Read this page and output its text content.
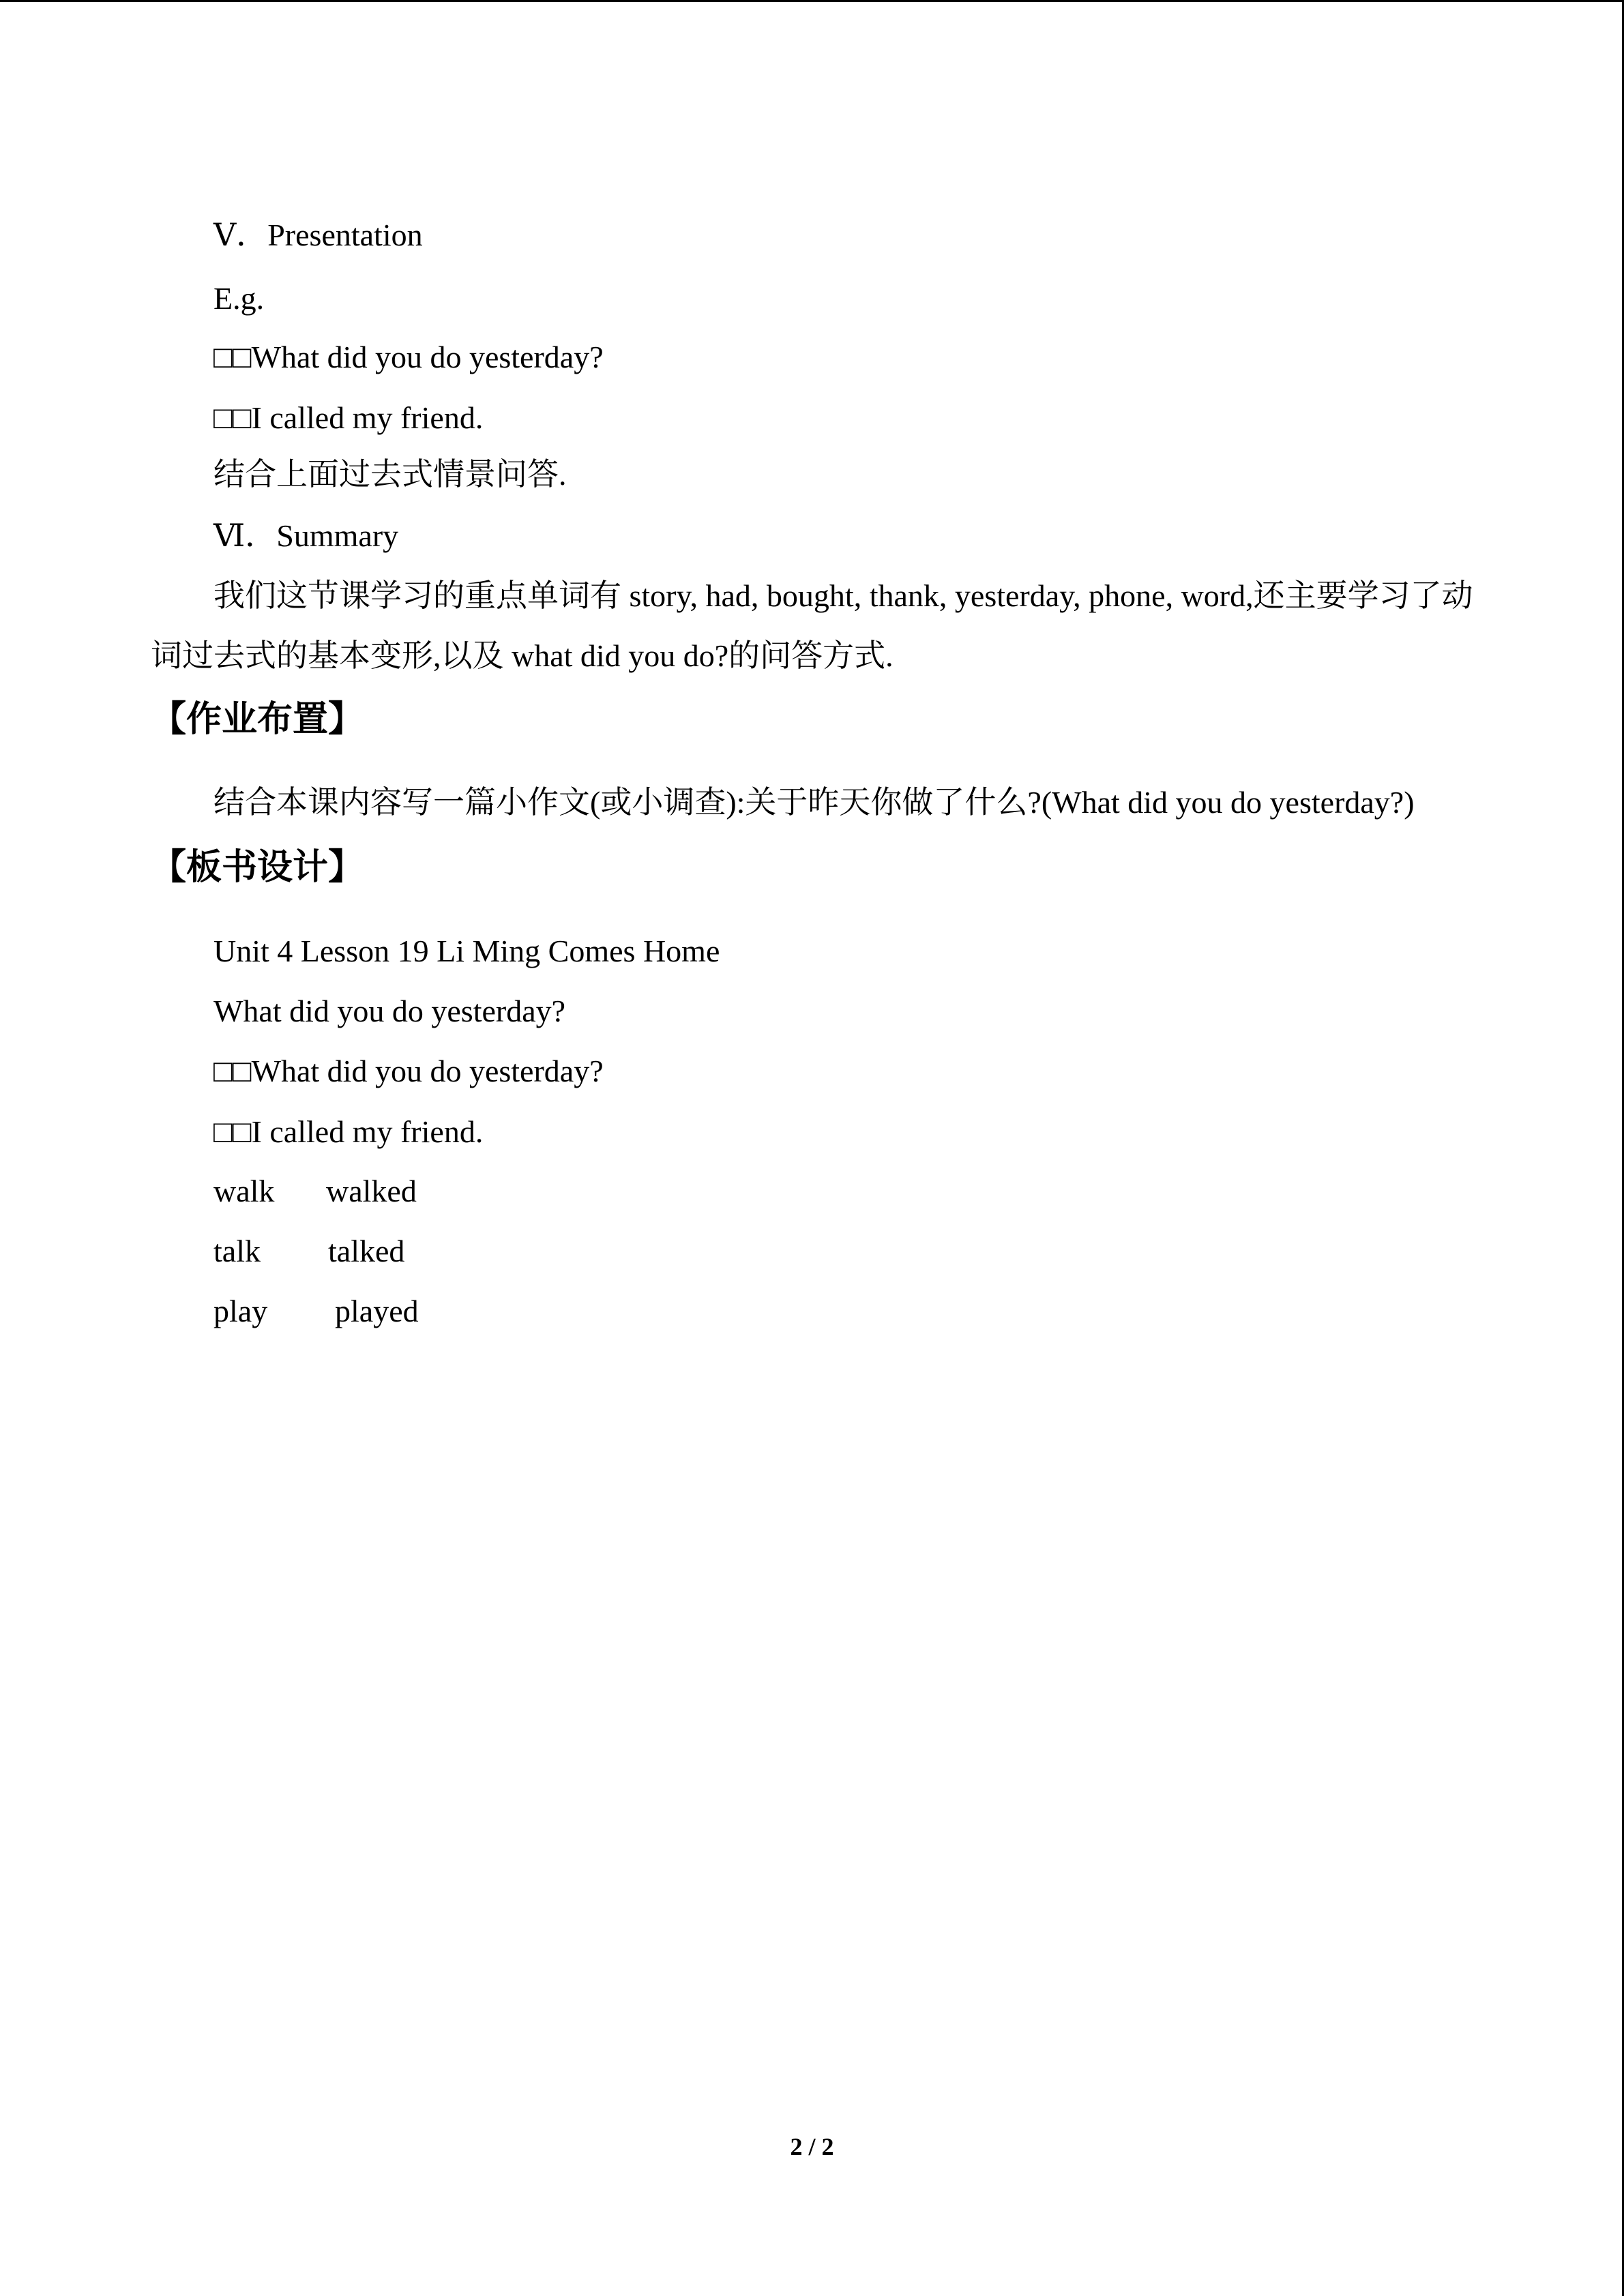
Ⅴ．Presentation
E.g.
□□What did you do yesterday?
□□I called my friend.
结合上面过去式情景问答.
Ⅵ．Summary
我们这节课学习的重点单词有 story, had, bought, thank, yesterday, phone, word,还主要学习了动词过去式的基本变形,以及 what did you do?的问答方式.
【作业布置】
结合本课内容写一篇小作文(或小调查):关于昨天你做了什么?(What did you do yesterday?)
【板书设计】
Unit 4 Lesson 19 Li Ming Comes Home
What did you do yesterday?
□□What did you do yesterday?
□□I called my friend.
walk walked
talk talked
play played
2 / 2
